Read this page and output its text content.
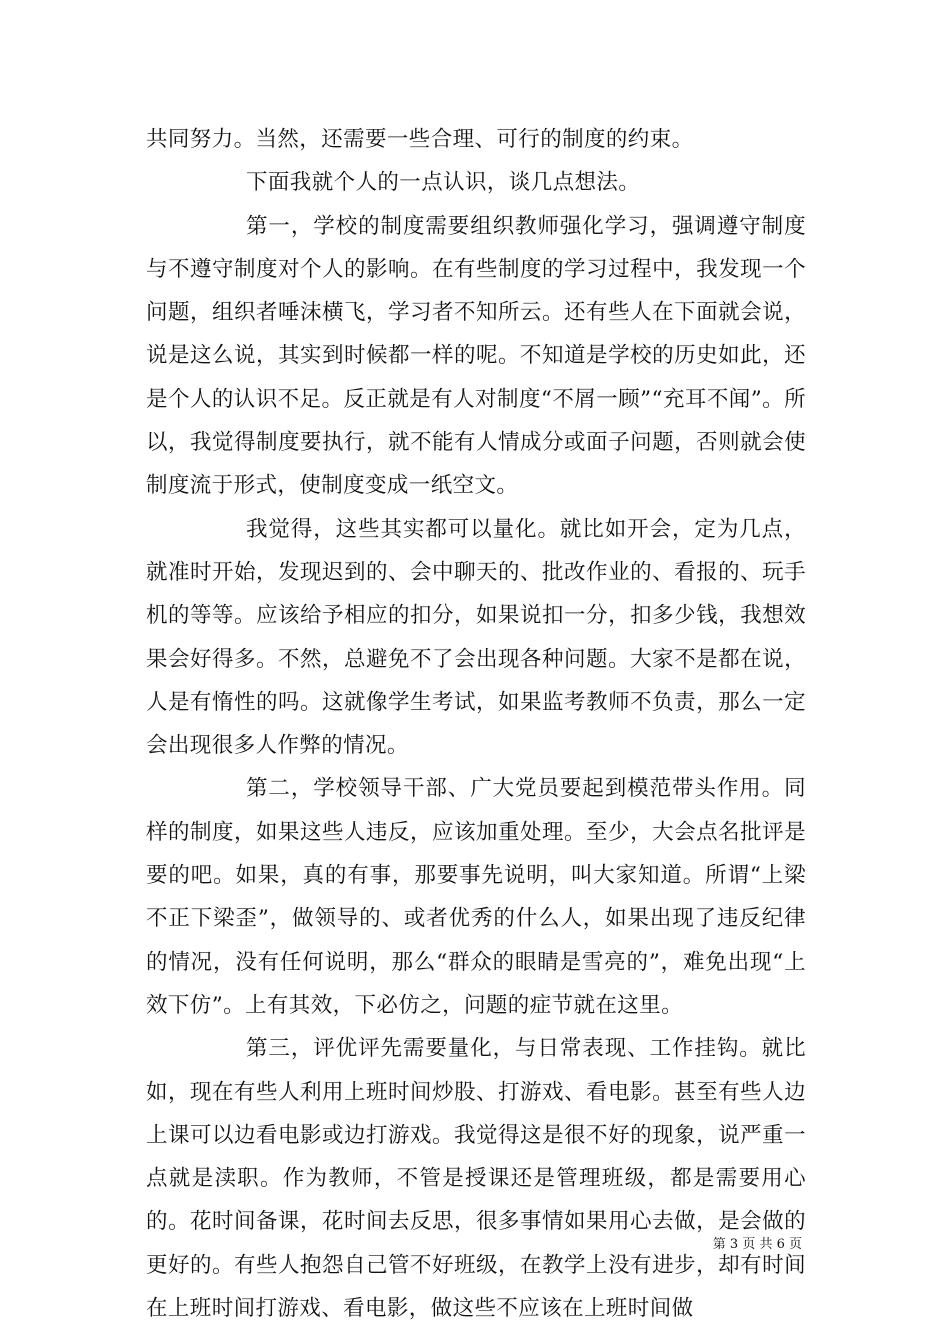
共同努力。当然，还需要一些合理、可行的制度的约束。

下面我就个人的一点认识，谈几点想法。

第一，学校的制度需要组织教师强化学习，强调遵守制度与不遵守制度对个人的影响。在有些制度的学习过程中，我发现一个问题，组织者唾沫横飞，学习者不知所云。还有些人在下面就会说，说是这么说，其实到时候都一样的呢。不知道是学校的历史如此，还是个人的认识不足。反正就是有人对制度“不屑一顾”“充耳不闻”。所以，我觉得制度要执行，就不能有人情成分或面子问题，否则就会使制度流于形式，使制度变成一纸空文。

我觉得，这些其实都可以量化。就比如开会，定为几点，就准时开始，发现迟到的、会中聊天的、批改作业的、看报的、玩手机的等等。应该给予相应的扣分，如果说扣一分，扣多少钱，我想效果会好得多。不然，总避免不了会出现各种问题。大家不是都在说，人是有惰性的吗。这就像学生考试，如果监考教师不负责，那么一定会出现很多人作弊的情况。

第二，学校领导干部、广大党员要起到模范带头作用。同样的制度，如果这些人违反，应该加重处理。至少，大会点名批评是要的吧。如果，真的有事，那要事先说明，叫大家知道。所谓“上梁不正下梁歪”，做领导的、或者优秀的什么人，如果出现了违反纪律的情况，没有任何说明，那么“群众的眼睛是雪亮的”，难免出现“上效下仿”。上有其效，下必仿之，问题的症节就在这里。

第三，评优评先需要量化，与日常表现、工作挂钩。就比如，现在有些人利用上班时间炒股、打游戏、看电影。甚至有些人边上课可以边看电影或边打游戏。我觉得这是很不好的现象，说严重一点就是渎职。作为教师，不管是授课还是管理班级，都是需要用心的。花时间备课，花时间去反思，很多事情如果用心去做，是会做的更好的。有些人抱怨自己管不好班级，在教学上没有进步，却有时间在上班时间打游戏、看电影，做这些不应该在上班时间做

第 3 页 共 6 页
